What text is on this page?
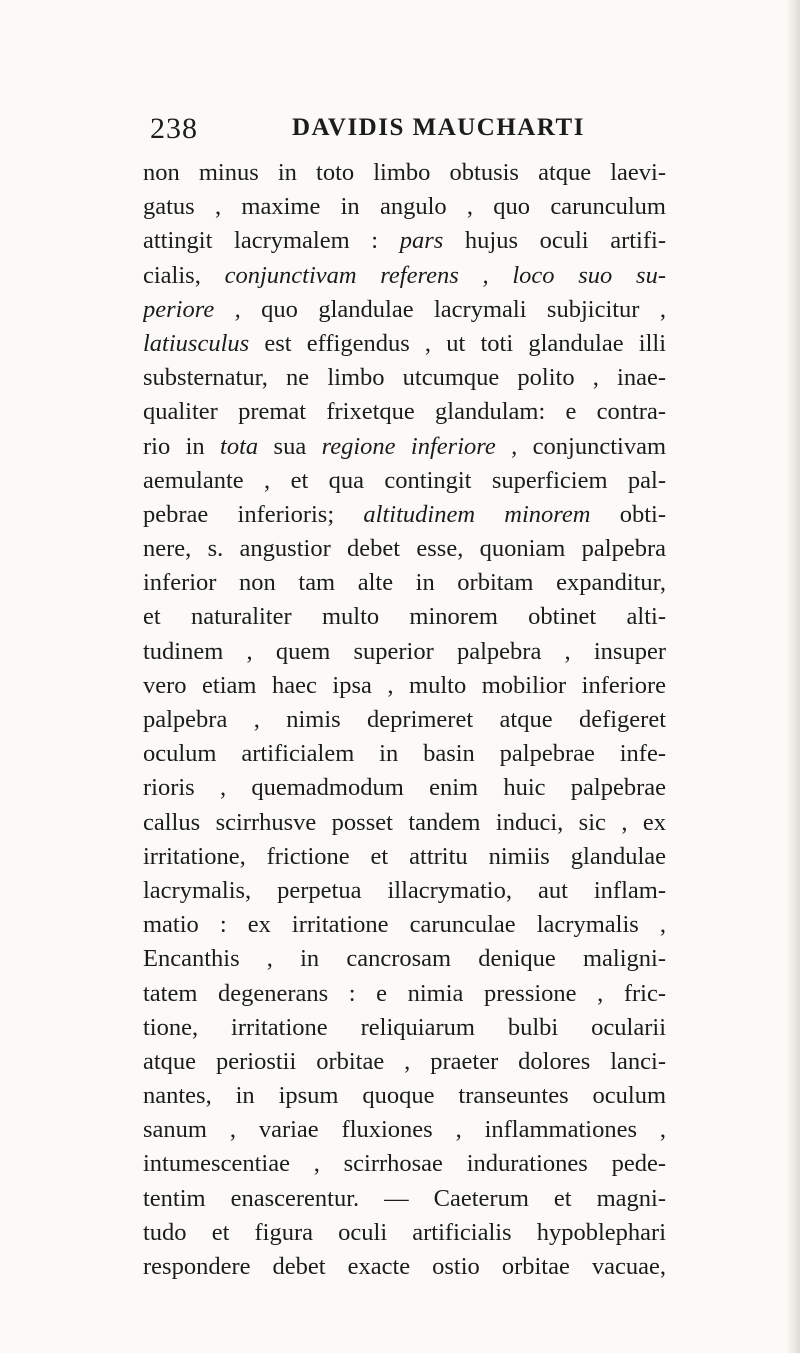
238	DAVIDIS MAUCHARTI
non minus in toto limbo obtusis atque laevi-
gatus , maxime in angulo , quo carunculum
attingit lacrymalem : pars hujus oculi artifi-
cialis, conjunctivam referens , loco suo su-
periore , quo glandulae lacrymali subjicitur ,
latiusculus est effigendus , ut toti glandulae illi
substernatur, ne limbo utcumque polito , inae-
qualiter premat frixetque glandulam: e contra-
rio in tota sua regione inferiore , conjunctivam
aemulante , et qua contingit superficiem pal-
pebrae inferioris; altitudinem minorem obti-
nere, s. angustior debet esse, quoniam palpebra
inferior non tam alte in orbitam expanditur,
et naturaliter multo minorem obtinet alti-
tudinem , quem superior palpebra , insuper
vero etiam haec ipsa , multo mobilior inferiore
palpebra , nimis deprimeret atque defigeret
oculum artificialem in basin palpebrae infe-
rioris , quemadmodum enim huic palpebrae
callus scirrhusve posset tandem induci, sic , ex
irritatione, frictione et attritu nimiis glandulae
lacrymalis, perpetua illacrymatio, aut inflam-
matio : ex irritatione carunculae lacrymalis ,
Encanthis , in cancrosam denique maligni-
tatem degenerans : e nimia pressione , fric-
tione, irritatione reliquiarum bulbi ocularii
atque periostii orbitae , praeter dolores lanci-
nantes, in ipsum quoque transeuntes oculum
sanum , variae fluxiones , inflammationes ,
intumescentiae , scirrhosae indurationes pede-
tentim enascerentur. — Caeterum et magni-
tudo et figura oculi artificialis hypoblephari
respondere debet exacte ostio orbitae vacuae,
